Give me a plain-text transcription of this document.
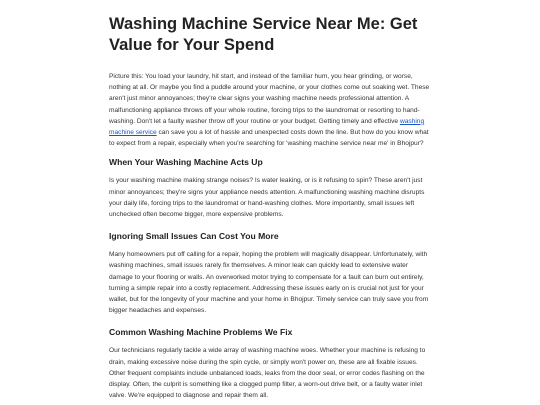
Washing Machine Service Near Me: Get Value for Your Spend

Picture this: You load your laundry, hit start, and instead of the familiar hum, you hear grinding, or worse, nothing at all. Or maybe you find a puddle around your machine, or your clothes come out soaking wet. These aren't just minor annoyances; they're clear signs your washing machine needs professional attention. A malfunctioning appliance throws off your whole routine, forcing trips to the laundromat or resorting to hand-washing. Don't let a faulty washer throw off your routine or your budget. Getting timely and effective washing machine service can save you a lot of hassle and unexpected costs down the line. But how do you know what to expect from a repair, especially when you're searching for 'washing machine service near me' in Bhojpur?

When Your Washing Machine Acts Up

Is your washing machine making strange noises? Is water leaking, or is it refusing to spin? These aren't just minor annoyances; they're signs your appliance needs attention. A malfunctioning washing machine disrupts your daily life, forcing trips to the laundromat or hand-washing clothes. More importantly, small issues left unchecked often become bigger, more expensive problems.

Ignoring Small Issues Can Cost You More

Many homeowners put off calling for a repair, hoping the problem will magically disappear. Unfortunately, with washing machines, small issues rarely fix themselves. A minor leak can quickly lead to extensive water damage to your flooring or walls. An overworked motor trying to compensate for a fault can burn out entirely, turning a simple repair into a costly replacement. Addressing these issues early on is crucial not just for your wallet, but for the longevity of your machine and your home in Bhojpur. Timely service can truly save you from bigger headaches and expenses.

Common Washing Machine Problems We Fix

Our technicians regularly tackle a wide array of washing machine woes. Whether your machine is refusing to drain, making excessive noise during the spin cycle, or simply won't power on, these are all fixable issues. Other frequent complaints include unbalanced loads, leaks from the door seal, or error codes flashing on the display. Often, the culprit is something like a clogged pump filter, a worn-out drive belt, or a faulty water inlet valve. We're equipped to diagnose and repair them all.
